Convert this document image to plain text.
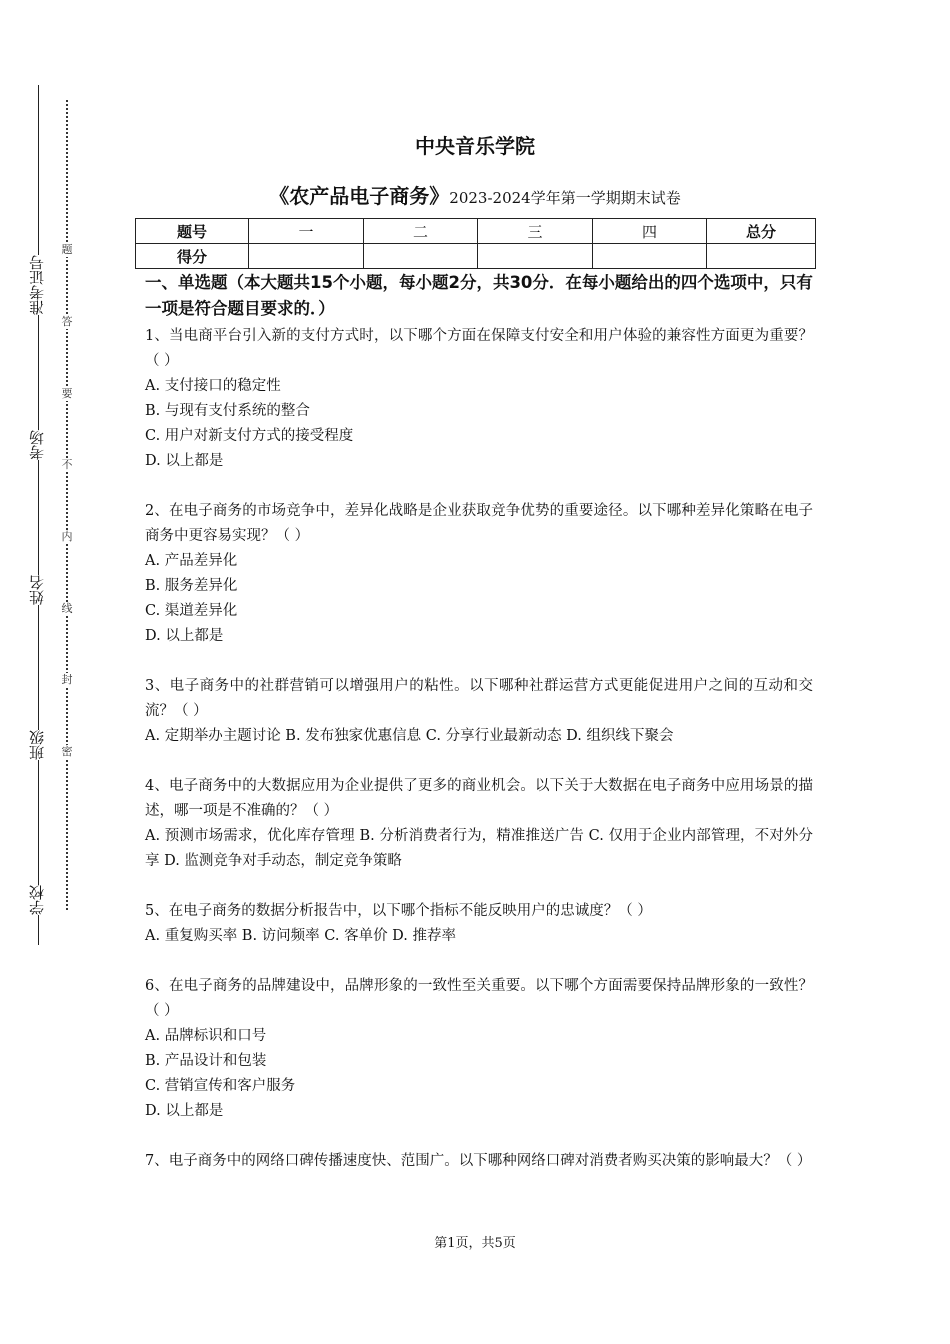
准考证号
考场
姓名
班级
学校
题
答
要
不
内
线
封
密
中央音乐学院
《农产品电子商务》2023-2024学年第一学期期末试卷
题号	一	二	三	四	总分
得分					
一、单选题（本大题共15个小题，每小题2分，共30分．在每小题给出的四个选项中，只有一项是符合题目要求的．）
1、当电商平台引入新的支付方式时，以下哪个方面在保障支付安全和用户体验的兼容性方面更为重要？（ ）
A. 支付接口的稳定性
B. 与现有支付系统的整合
C. 用户对新支付方式的接受程度
D. 以上都是
2、在电子商务的市场竞争中，差异化战略是企业获取竞争优势的重要途径。以下哪种差异化策略在电子商务中更容易实现？（ ）
A. 产品差异化
B. 服务差异化
C. 渠道差异化
D. 以上都是
3、电子商务中的社群营销可以增强用户的粘性。以下哪种社群运营方式更能促进用户之间的互动和交流？（ ）
A. 定期举办主题讨论 B. 发布独家优惠信息 C. 分享行业最新动态 D. 组织线下聚会
4、电子商务中的大数据应用为企业提供了更多的商业机会。以下关于大数据在电子商务中应用场景的描述，哪一项是不准确的？（ ）
A. 预测市场需求，优化库存管理 B. 分析消费者行为，精准推送广告 C. 仅用于企业内部管理，不对外分享 D. 监测竞争对手动态，制定竞争策略
5、在电子商务的数据分析报告中，以下哪个指标不能反映用户的忠诚度？（ ）
A. 重复购买率 B. 访问频率 C. 客单价 D. 推荐率
6、在电子商务的品牌建设中，品牌形象的一致性至关重要。以下哪个方面需要保持品牌形象的一致性？（ ）
A. 品牌标识和口号
B. 产品设计和包装
C. 营销宣传和客户服务
D. 以上都是
7、电子商务中的网络口碑传播速度快、范围广。以下哪种网络口碑对消费者购买决策的影响最大？（ ）
第1页，共5页
